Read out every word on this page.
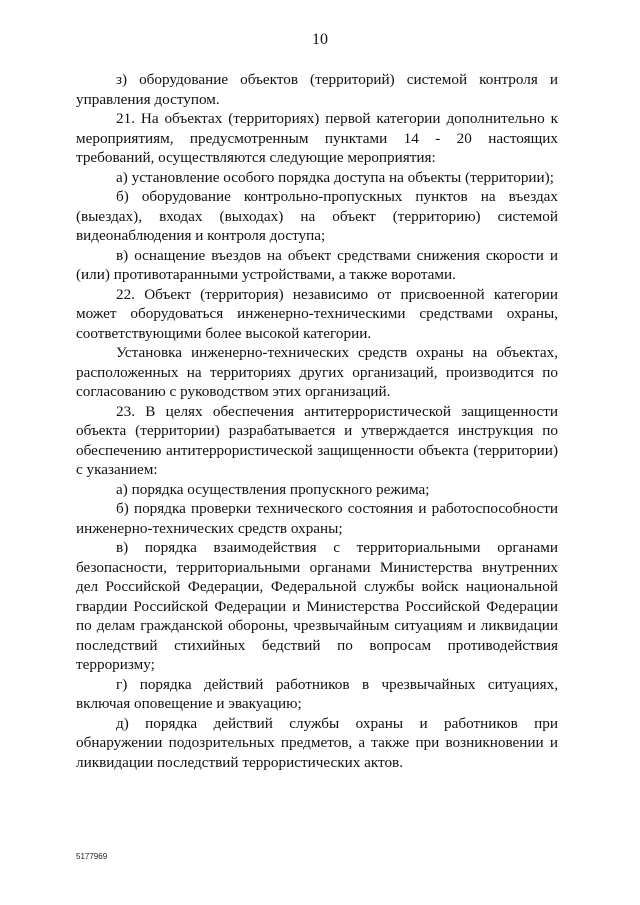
10

з) оборудование объектов (территорий) системой контроля и управления доступом.

21. На объектах (территориях) первой категории дополнительно к мероприятиям, предусмотренным пунктами 14 - 20 настоящих требований, осуществляются следующие мероприятия:

а) установление особого порядка доступа на объекты (территории);

б) оборудование контрольно-пропускных пунктов на въездах (выездах), входах (выходах) на объект (территорию) системой видеонаблюдения и контроля доступа;

в) оснащение въездов на объект средствами снижения скорости и (или) противотаранными устройствами, а также воротами.

22. Объект (территория) независимо от присвоенной категории может оборудоваться инженерно-техническими средствами охраны, соответствующими более высокой категории.

Установка инженерно-технических средств охраны на объектах, расположенных на территориях других организаций, производится по согласованию с руководством этих организаций.

23. В целях обеспечения антитеррористической защищенности объекта (территории) разрабатывается и утверждается инструкция по обеспечению антитеррористической защищенности объекта (территории) с указанием:

а) порядка осуществления пропускного режима;

б) порядка проверки технического состояния и работоспособности инженерно-технических средств охраны;

в) порядка взаимодействия с территориальными органами безопасности, территориальными органами Министерства внутренних дел Российской Федерации, Федеральной службы войск национальной гвардии Российской Федерации и Министерства Российской Федерации по делам гражданской обороны, чрезвычайным ситуациям и ликвидации последствий стихийных бедствий по вопросам противодействия терроризму;

г) порядка действий работников в чрезвычайных ситуациях, включая оповещение и эвакуацию;

д) порядка действий службы охраны и работников при обнаружении подозрительных предметов, а также при возникновении и ликвидации последствий террористических актов.

5177969
